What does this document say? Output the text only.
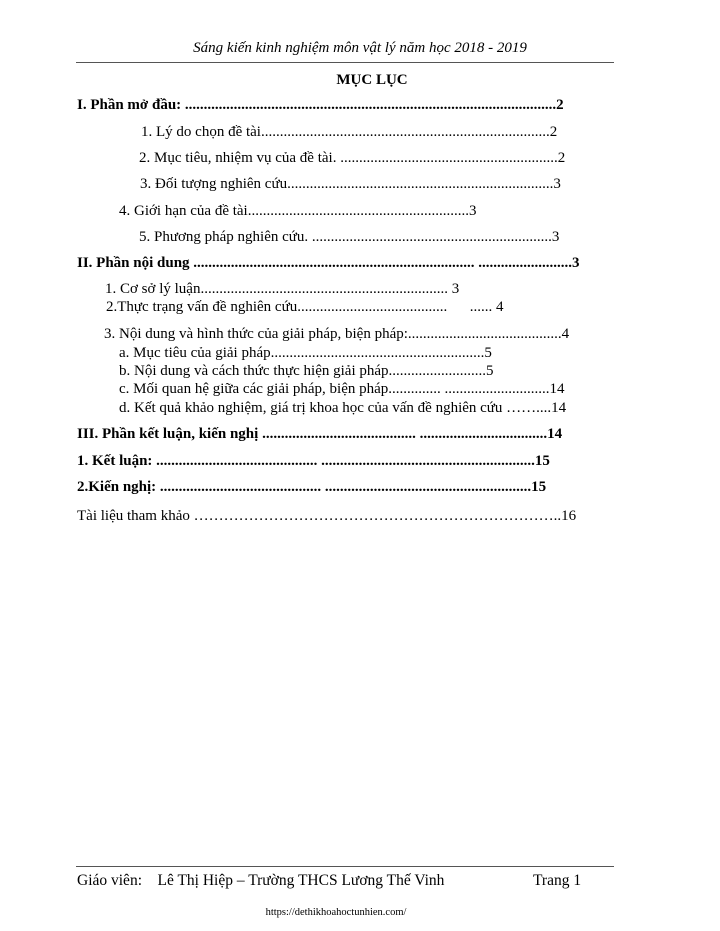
Sáng kiến kinh nghiệm môn vật lý năm học 2018 - 2019
MỤC LỤC
I. Phần mở đầu: ...................................................................................................2
1. Lý do chọn đề tài.............................................................................2
2. Mục tiêu, nhiệm vụ của đề tài. ..........................................................2
3. Đối tượng nghiên cứu.......................................................................3
4. Giới hạn của đề tài...........................................................3
5. Phương pháp nghiên cứu. ................................................................3
II. Phần nội dung ........................................................................... .........................3
1. Cơ sở lý luận.................................................................. 3
2.Thực trạng vấn đề nghiên cứu........................................      ...... 4
3. Nội dung và hình thức của giải pháp, biện pháp:.........................................4
a. Mục tiêu của giải pháp.........................................................5
b. Nội dung và cách thức thực hiện giải pháp..........................5
c. Mối quan hệ giữa các giải pháp, biện pháp.............. ............................14
d. Kết quả khảo nghiệm, giá trị khoa học của vấn đề nghiên cứu ……....14
III. Phần kết luận, kiến nghị ......................................... ..................................14
1. Kết luận: ........................................... .........................................................15
2.Kiến nghị: ........................................... .......................................................15
Tài liệu tham khảo ………………………………………………………………..16
Giáo viên:    Lê Thị Hiệp – Trường THCS Lương Thế Vinh	Trang 1
https://dethikhoahoctunhien.com/
